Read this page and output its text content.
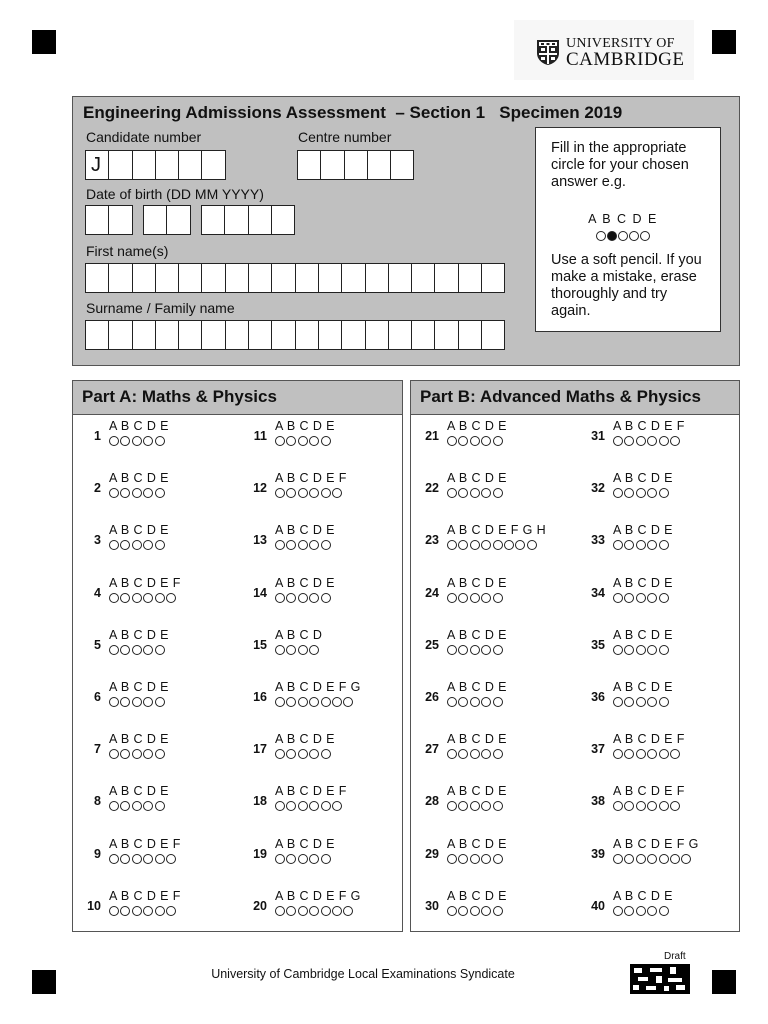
UNIVERSITY OF
CAMBRIDGE
Engineering Admissions Assessment  – Section 1   Specimen 2019
Candidate number
J
Centre number
Date of birth (DD MM YYYY)
First name(s)
Surname / Family name
Fill in the appropriate circle for your chosen answer e.g.
A B C D E
Use a soft pencil. If you make a mistake, erase thoroughly and try again.
Part A: Maths & Physics
1
A B C D E
2
A B C D E
3
A B C D E
4
A B C D E F
5
A B C D E
6
A B C D E
7
A B C D E
8
A B C D E
9
A B C D E F
10
A B C D E F
11
A B C D E
12
A B C D E F
13
A B C D E
14
A B C D E
15
A B C D
16
A B C D E F G
17
A B C D E
18
A B C D E F
19
A B C D E
20
A B C D E F G
Part B: Advanced Maths & Physics
21
A B C D E
22
A B C D E
23
A B C D E F G H
24
A B C D E
25
A B C D E
26
A B C D E
27
A B C D E
28
A B C D E
29
A B C D E
30
A B C D E
31
A B C D E F
32
A B C D E
33
A B C D E
34
A B C D E
35
A B C D E
36
A B C D E
37
A B C D E F
38
A B C D E F
39
A B C D E F G
40
A B C D E
University of Cambridge Local Examinations Syndicate
Draft
